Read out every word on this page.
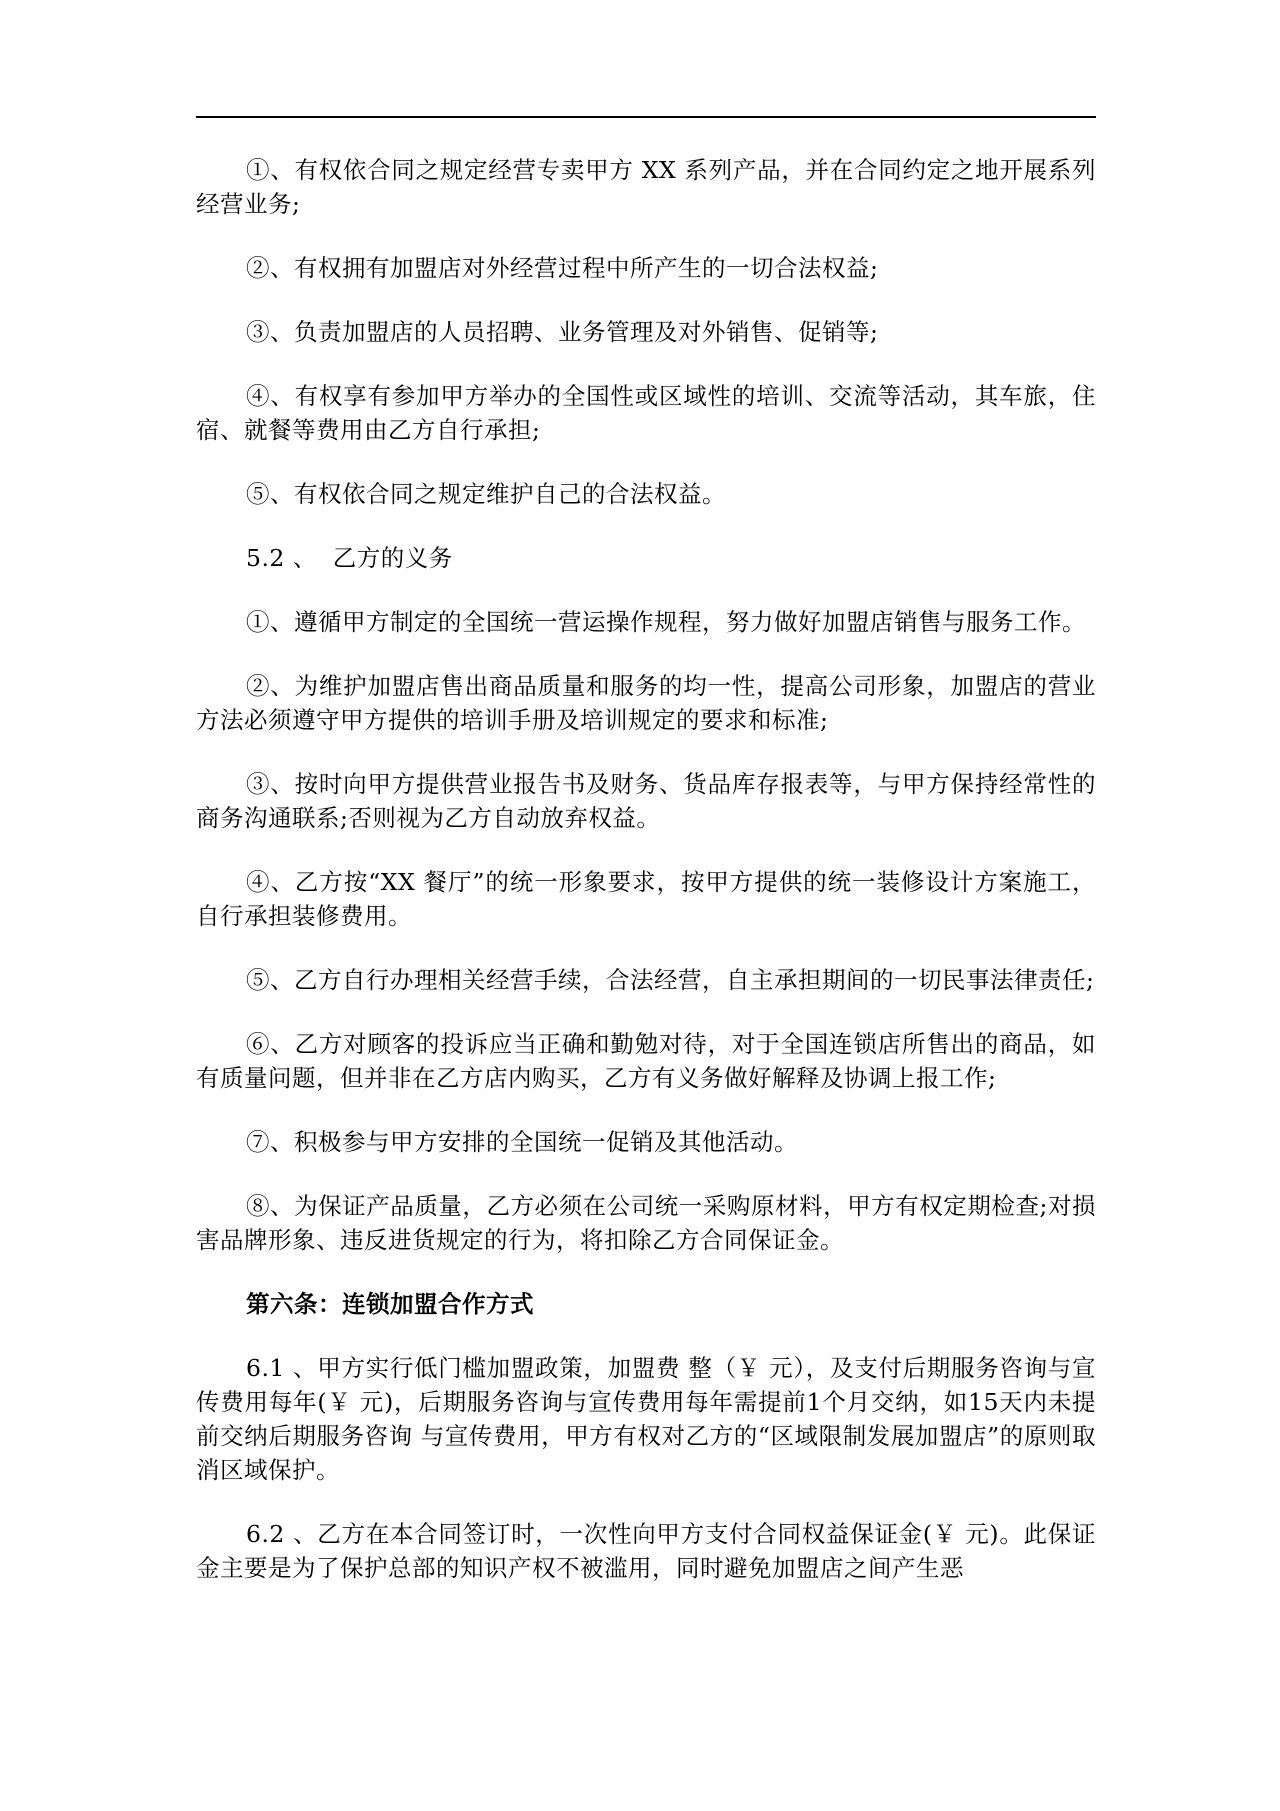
①、有权依合同之规定经营专卖甲方 XX 系列产品，并在合同约定之地开展系列经营业务;

②、有权拥有加盟店对外经营过程中所产生的一切合法权益;

③、负责加盟店的人员招聘、业务管理及对外销售、促销等;

④、有权享有参加甲方举办的全国性或区域性的培训、交流等活动，其车旅，住宿、就餐等费用由乙方自行承担;

⑤、有权依合同之规定维护自己的合法权益。

5.2 、  乙方的义务

①、遵循甲方制定的全国统一营运操作规程，努力做好加盟店销售与服务工作。

②、为维护加盟店售出商品质量和服务的均一性，提高公司形象，加盟店的营业方法必须遵守甲方提供的培训手册及培训规定的要求和标准;

③、按时向甲方提供营业报告书及财务、货品库存报表等，与甲方保持经常性的商务沟通联系;否则视为乙方自动放弃权益。

④、乙方按“XX 餐厅”的统一形象要求，按甲方提供的统一装修设计方案施工，自行承担装修费用。

⑤、乙方自行办理相关经营手续，合法经营，自主承担期间的一切民事法律责任;

⑥、乙方对顾客的投诉应当正确和勤勉对待，对于全国连锁店所售出的商品，如有质量问题，但并非在乙方店内购买，乙方有义务做好解释及协调上报工作;

⑦、积极参与甲方安排的全国统一促销及其他活动。

⑧、为保证产品质量，乙方必须在公司统一采购原材料，甲方有权定期检查;对损害品牌形象、违反进货规定的行为，将扣除乙方合同保证金。

第六条：连锁加盟合作方式

6.1 、甲方实行低门槛加盟政策，加盟费 整（￥ 元），及支付后期服务咨询与宣传费用每年(￥ 元)，后期服务咨询与宣传费用每年需提前1个月交纳，如15天内未提前交纳后期服务咨询 与宣传费用，甲方有权对乙方的“区域限制发展加盟店”的原则取消区域保护。

6.2 、乙方在本合同签订时，一次性向甲方支付合同权益保证金(￥ 元)。此保证金主要是为了保护总部的知识产权不被滥用，同时避免加盟店之间产生恶
